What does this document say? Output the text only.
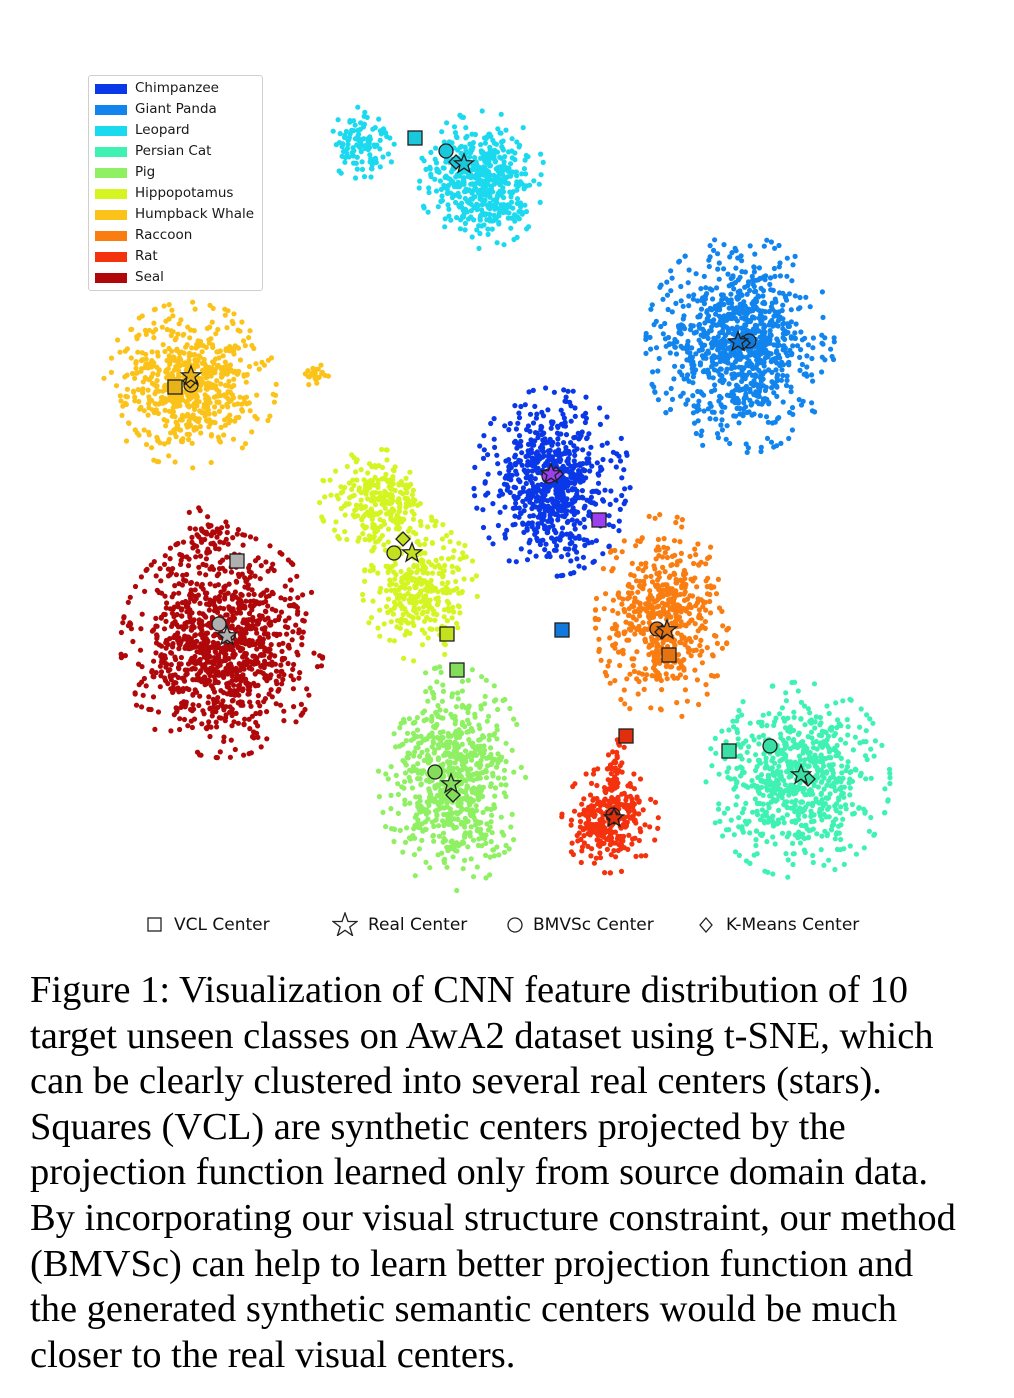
Chimpanzee
Giant Panda
Leopard
Persian Cat
Pig
Hippopotamus
Humpback Whale
Raccoon
Rat
Seal
VCL Center	Real Center	BMVSc Center	K-Means Center
Figure 1: Visualization of CNN feature distribution of 10 target unseen classes on AwA2 dataset using t-SNE, which can be clearly clustered into several real centers (stars). Squares (VCL) are synthetic centers projected by the projection function learned only from source domain data. By incorporating our visual structure constraint, our method (BMVSc) can help to learn better projection function and the generated synthetic semantic centers would be much closer to the real visual centers.
